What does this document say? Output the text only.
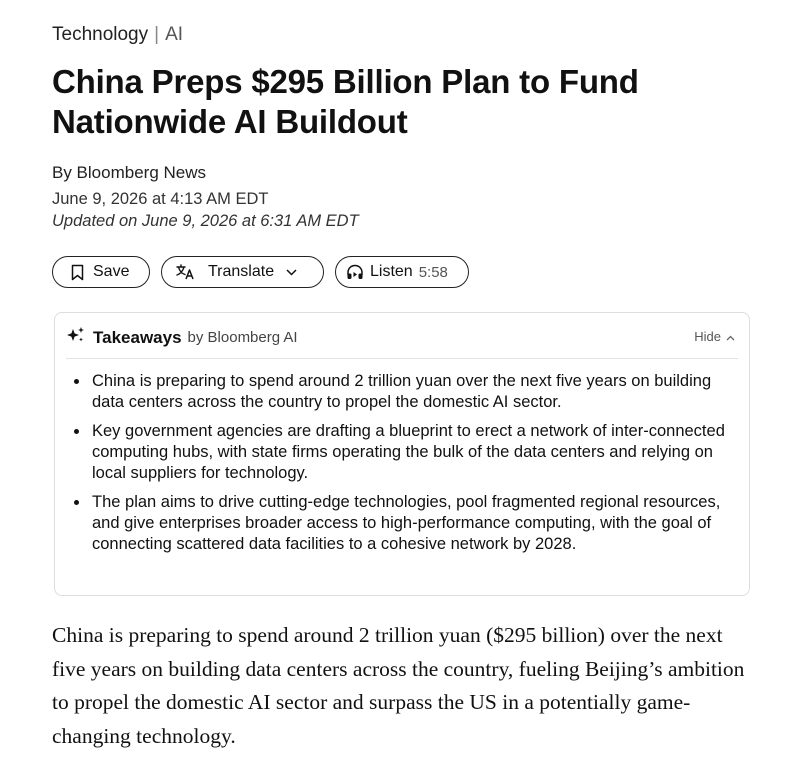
Technology | AI
China Preps $295 Billion Plan to Fund Nationwide AI Buildout
By Bloomberg News
June 9, 2026 at 4:13 AM EDT
Updated on June 9, 2026 at 6:31 AM EDT
Save	Translate	Listen 5:58
Takeaways by Bloomberg AI	Hide
China is preparing to spend around 2 trillion yuan over the next five years on building data centers across the country to propel the domestic AI sector.
Key government agencies are drafting a blueprint to erect a network of inter-connected computing hubs, with state firms operating the bulk of the data centers and relying on local suppliers for technology.
The plan aims to drive cutting-edge technologies, pool fragmented regional resources, and give enterprises broader access to high-performance computing, with the goal of connecting scattered data facilities to a cohesive network by 2028.

China is preparing to spend around 2 trillion yuan ($295 billion) over the next five years on building data centers across the country, fueling Beijing’s ambition to propel the domestic AI sector and surpass the US in a potentially game-changing technology.
